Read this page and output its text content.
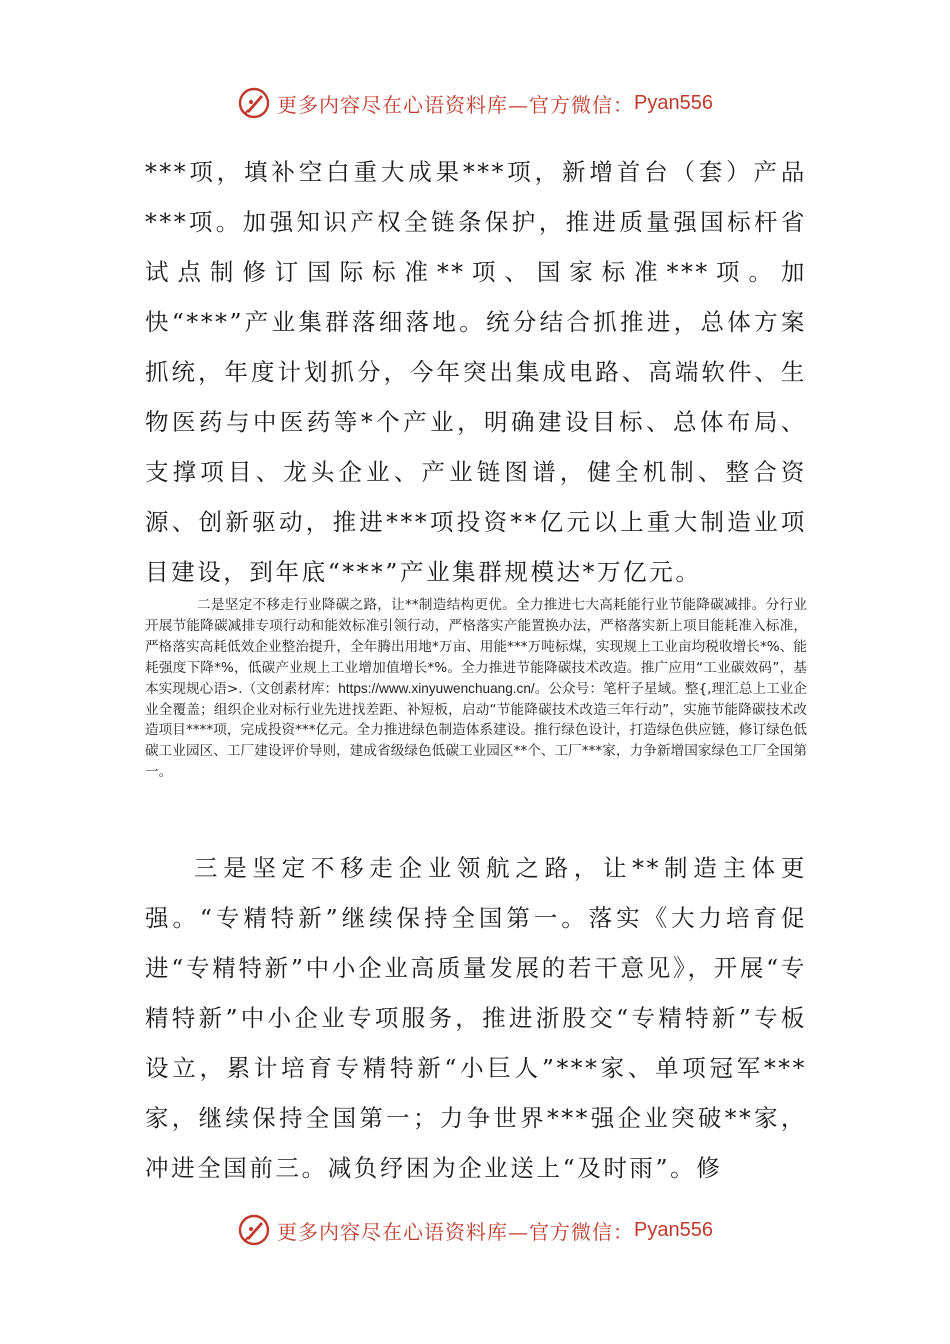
更多内容尽在心语资料库—官方微信： Pyan556

***项，填补空白重大成果***项，新增首台（套）产品***项。加强知识产权全链条保护，推进质量强国标杆省试点制修订国际标准**项、国家标准***项。加快“***”产业集群落细落地。统分结合抓推进，总体方案抓统，年度计划抓分，今年突出集成电路、高端软件、生物医药与中医药等*个产业，明确建设目标、总体布局、支撑项目、龙头企业、产业链图谱，健全机制、整合资源、创新驱动，推进***项投资**亿元以上重大制造业项目建设，到年底“***”产业集群规模达*万亿元。

二是坚定不移走行业降碳之路，让**制造结构更优。全力推进七大高耗能行业节能降碳减排。分行业开展节能降碳减排专项行动和能效标准引领行动，严格落实产能置换办法，严格落实新上项目能耗准入标准，严格落实高耗低效企业整治提升，全年腾出用地*万亩、用能***万吨标煤，实现规上工业亩均税收增长*%、能耗强度下降*%，低碳产业规上工业增加值增长*%。全力推进节能降碳技术改造。推广应用“工业碳效码”，基本实现规心语>.（文创素材库：https://www.xinyuwenchuang.cn/。公众号：笔杆子星域。整{,理汇总上工业企业全覆盖；组织企业对标行业先进找差距、补短板，启动“节能降碳技术改造三年行动”，实施节能降碳技术改造项目****项，完成投资***亿元。全力推进绿色制造体系建设。推行绿色设计，打造绿色供应链，修订绿色低碳工业园区、工厂建设评价导则，建成省级绿色低碳工业园区**个、工厂***家，力争新增国家绿色工厂全国第一。

三是坚定不移走企业领航之路，让**制造主体更强。“专精特新”继续保持全国第一。落实《大力培育促进“专精特新”中小企业高质量发展的若干意见》，开展“专精特新”中小企业专项服务，推进浙股交“专精特新”专板设立，累计培育专精特新“小巨人”***家、单项冠军***家，继续保持全国第一；力争世界***强企业突破**家，冲进全国前三。减负纾困为企业送上“及时雨”。修

更多内容尽在心语资料库—官方微信： Pyan556
